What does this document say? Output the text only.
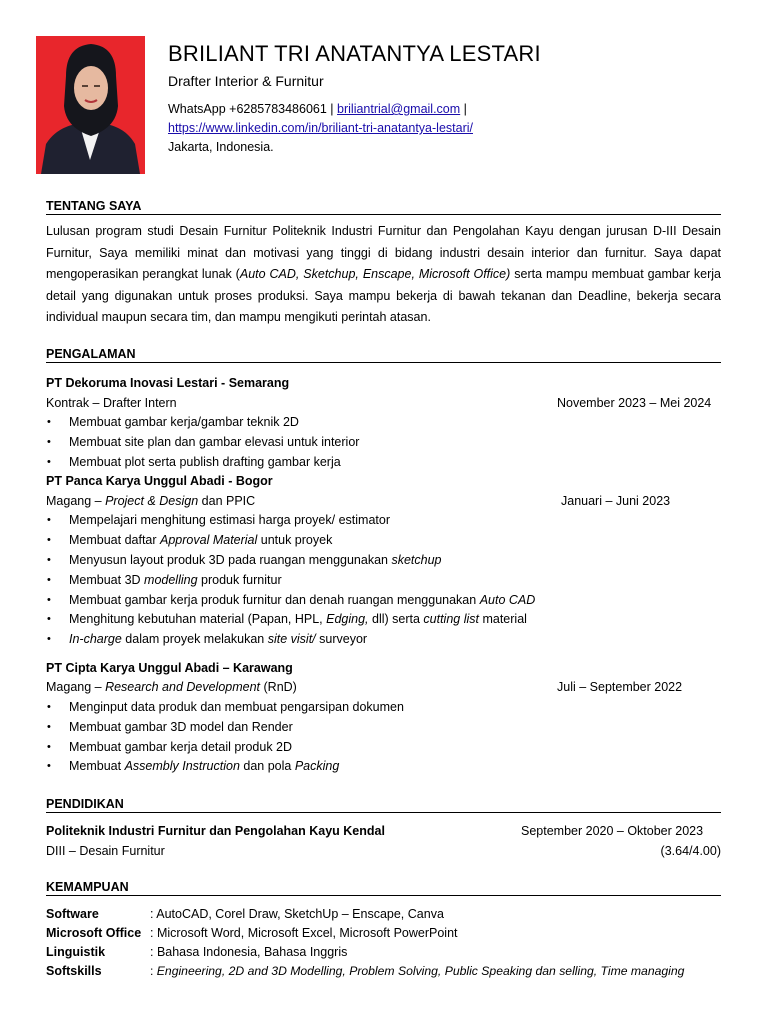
BRILIANT TRI ANATANTYA LESTARI
Drafter Interior & Furnitur
WhatsApp +6285783486061 | briliantrial@gmail.com |
https://www.linkedin.com/in/briliant-tri-anatantya-lestari/
Jakarta, Indonesia.
TENTANG SAYA
Lulusan program studi Desain Furnitur Politeknik Industri Furnitur dan Pengolahan Kayu dengan jurusan D-III Desain Furnitur, Saya memiliki minat dan motivasi yang tinggi di bidang industri desain interior dan furnitur. Saya dapat mengoperasikan perangkat lunak (Auto CAD, Sketchup, Enscape, Microsoft Office) serta mampu membuat gambar kerja detail yang digunakan untuk proses produksi. Saya mampu bekerja di bawah tekanan dan Deadline, bekerja secara individual maupun secara tim, dan mampu mengikuti perintah atasan.
PENGALAMAN
PT Dekoruma Inovasi Lestari - Semarang
Kontrak – Drafter Intern	November 2023 – Mei 2024
• Membuat gambar kerja/gambar teknik 2D
• Membuat site plan dan gambar elevasi untuk interior
• Membuat plot serta publish drafting gambar kerja
PT Panca Karya Unggul Abadi - Bogor
Magang – Project & Design dan PPIC	Januari – Juni 2023
• Mempelajari menghitung estimasi harga proyek/ estimator
• Membuat daftar Approval Material untuk proyek
• Menyusun layout produk 3D pada ruangan menggunakan sketchup
• Membuat 3D modelling produk furnitur
• Membuat gambar kerja produk furnitur dan denah ruangan menggunakan Auto CAD
• Menghitung kebutuhan material (Papan, HPL, Edging, dll) serta cutting list material
• In-charge dalam proyek melakukan site visit/ surveyor
PT Cipta Karya Unggul Abadi – Karawang
Magang – Research and Development (RnD)	Juli – September 2022
• Menginput data produk dan membuat pengarsipan dokumen
• Membuat gambar 3D model dan Render
• Membuat gambar kerja detail produk 2D
• Membuat Assembly Instruction dan pola Packing
PENDIDIKAN
Politeknik Industri Furnitur dan Pengolahan Kayu Kendal	September 2020 – Oktober 2023
DIII – Desain Furnitur	(3.64/4.00)
KEMAMPUAN
Software	: AutoCAD, Corel Draw, SketchUp – Enscape, Canva
Microsoft Office : Microsoft Word, Microsoft Excel, Microsoft PowerPoint
Linguistik	: Bahasa Indonesia, Bahasa Inggris
Softskills	: Engineering, 2D and 3D Modelling, Problem Solving, Public Speaking dan selling, Time managing
